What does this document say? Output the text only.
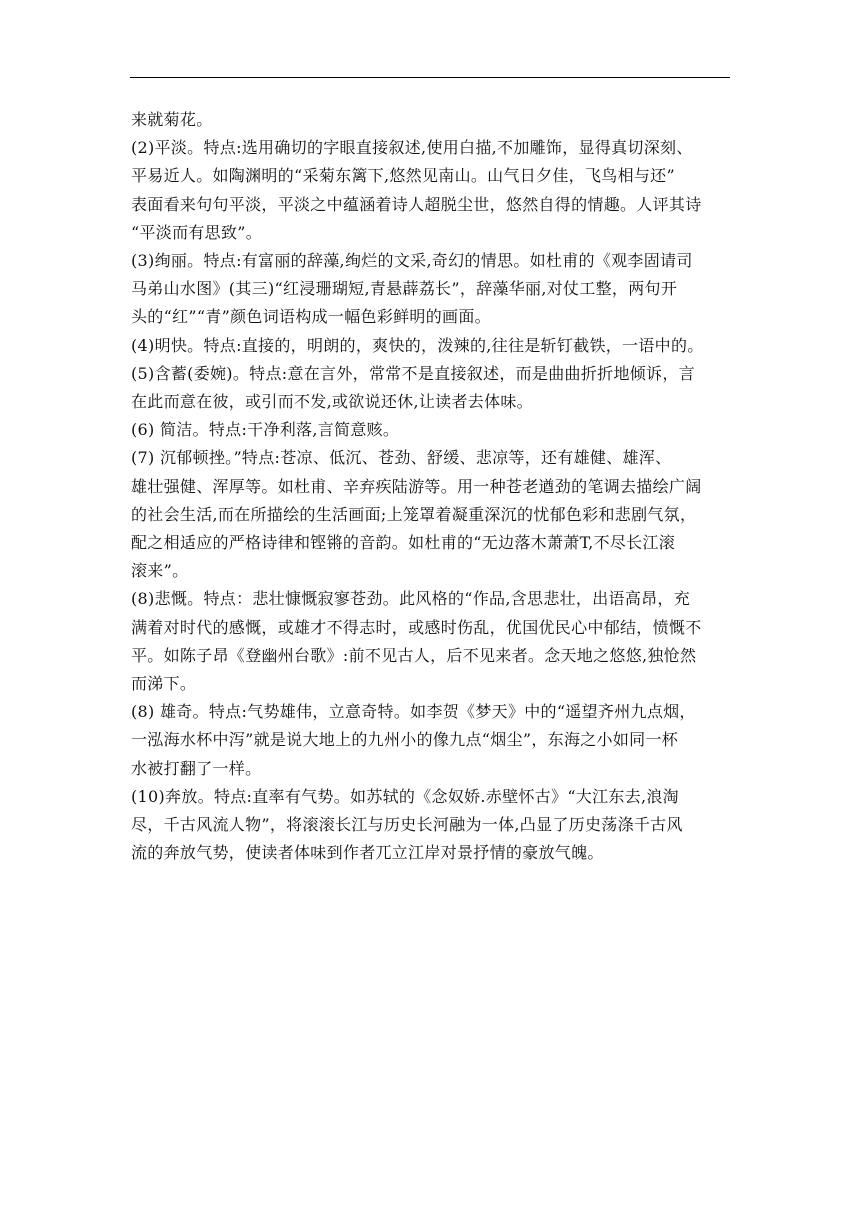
来就菊花。

(2)平淡。特点:选用确切的字眼直接叙述,使用白描,不加雕饰，显得真切深刻、
平易近人。如陶渊明的“采菊东篱下,悠然见南山。山气日夕佳，飞鸟相与还”
表面看来句句平淡，平淡之中蕴涵着诗人超脱尘世，悠然自得的情趣。人评其诗
“平淡而有思致”。

(3)绚丽。特点:有富丽的辞藻,绚烂的文采,奇幻的情思。如杜甫的《观李固请司
马弟山水图》(其三)“红浸珊瑚短,青悬薜荔长”，辞藻华丽,对仗工整，两句开
头的“红”“青”颜色词语构成一幅色彩鲜明的画面。

(4)明快。特点:直接的，明朗的，爽快的，泼辣的,往往是斩钉截铁，一语中的。

(5)含蓄(委婉)。特点:意在言外，常常不是直接叙述，而是曲曲折折地倾诉，言
在此而意在彼，或引而不发,或欲说还休,让读者去体味。

(6) 简洁。特点:干净利落,言简意赅。

(7) 沉郁顿挫。”特点:苍凉、低沉、苍劲、舒缓、悲凉等，还有雄健、雄浑、
雄壮强健、浑厚等。如杜甫、辛弃疾陆游等。用一种苍老遒劲的笔调去描绘广阔
的社会生活,而在所描绘的生活画面;上笼罩着凝重深沉的忧郁色彩和悲剧气氛，
配之相适应的严格诗律和铿锵的音韵。如杜甫的“无边落木萧萧T,不尽长江滚
滚来”。

(8)悲慨。特点：悲壮慷慨寂寥苍劲。此风格的“作品,含思悲壮，出语高昂，充
满着对时代的感慨，或雄才不得志时，或感时伤乱，优国优民心中郁结，愤慨不
平。如陈子昂《登幽州台歌》:前不见古人，后不见来者。念天地之悠悠,独怆然
而涕下。

(8) 雄奇。特点:气势雄伟，立意奇特。如李贺《梦天》中的“遥望齐州九点烟，
一泓海水杯中泻”就是说大地上的九州小的像九点“烟尘”，东海之小如同一杯
水被打翻了一样。

(10)奔放。特点:直率有气势。如苏轼的《念奴娇.赤壁怀古》“大江东去,浪淘
尽，千古风流人物”，将滚滚长江与历史长河融为一体,凸显了历史荡涤千古风
流的奔放气势，使读者体味到作者兀立江岸对景抒情的豪放气魄。
